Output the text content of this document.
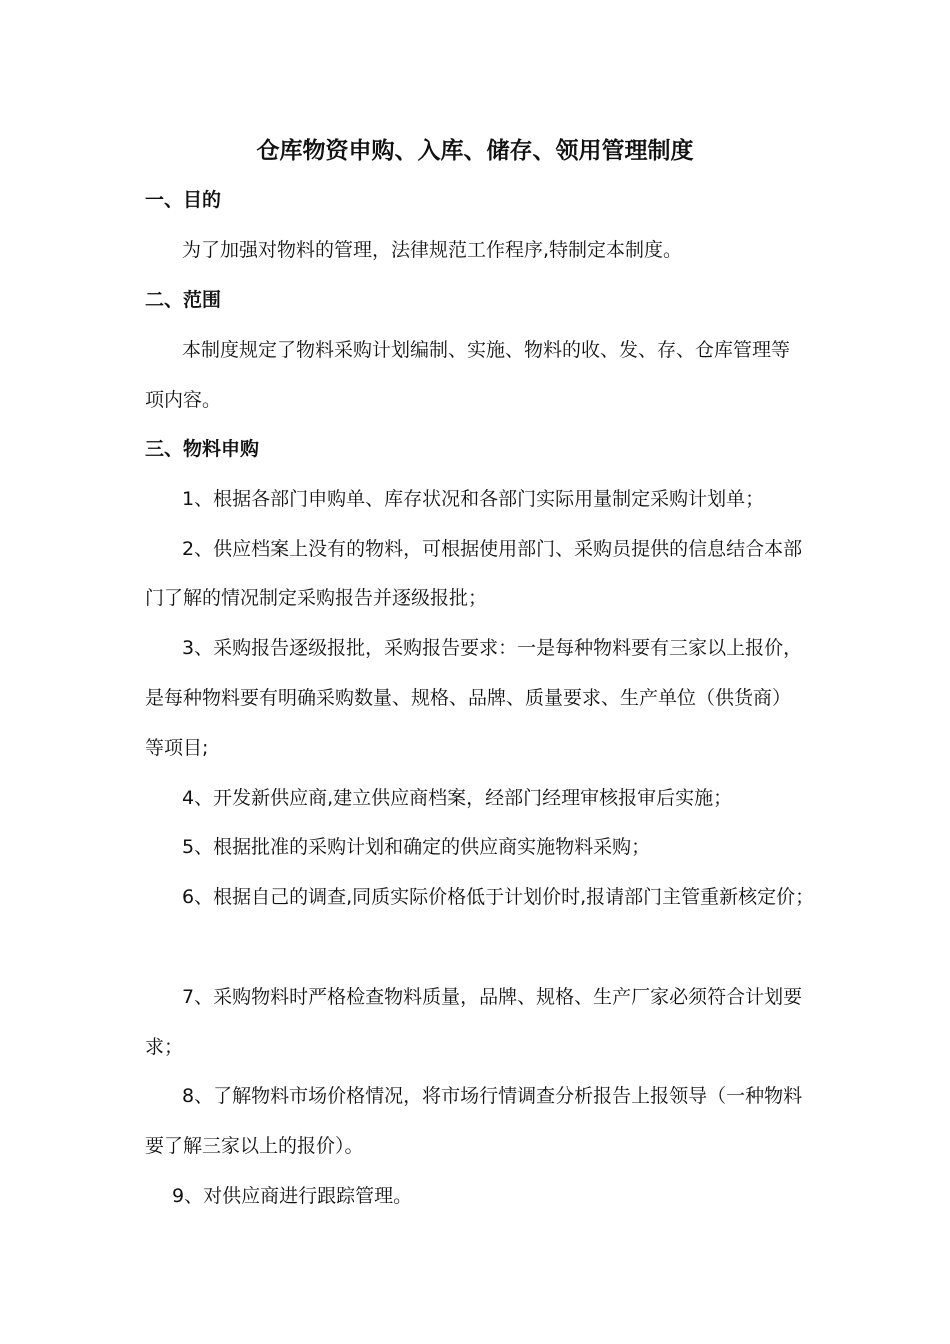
仓库物资申购、入库、储存、领用管理制度
一、目的
为了加强对物料的管理，法律规范工作程序,特制定本制度。
二、范围
本制度规定了物料采购计划编制、实施、物料的收、发、存、仓库管理等
项内容。
三、物料申购
1、根据各部门申购单、库存状况和各部门实际用量制定采购计划单；
2、供应档案上没有的物料，可根据使用部门、采购员提供的信息结合本部
门了解的情况制定采购报告并逐级报批；
3、采购报告逐级报批，采购报告要求：一是每种物料要有三家以上报价，
是每种物料要有明确采购数量、规格、品牌、质量要求、生产单位（供货商）
等项目;
4、开发新供应商,建立供应商档案，经部门经理审核报审后实施；
5、根据批准的采购计划和确定的供应商实施物料采购；
6、根据自己的调查,同质实际价格低于计划价时,报请部门主管重新核定价；
7、采购物料时严格检查物料质量，品牌、规格、生产厂家必须符合计划要
求；
8、了解物料市场价格情况，将市场行情调查分析报告上报领导（一种物料
要了解三家以上的报价）。
9、对供应商进行跟踪管理。
